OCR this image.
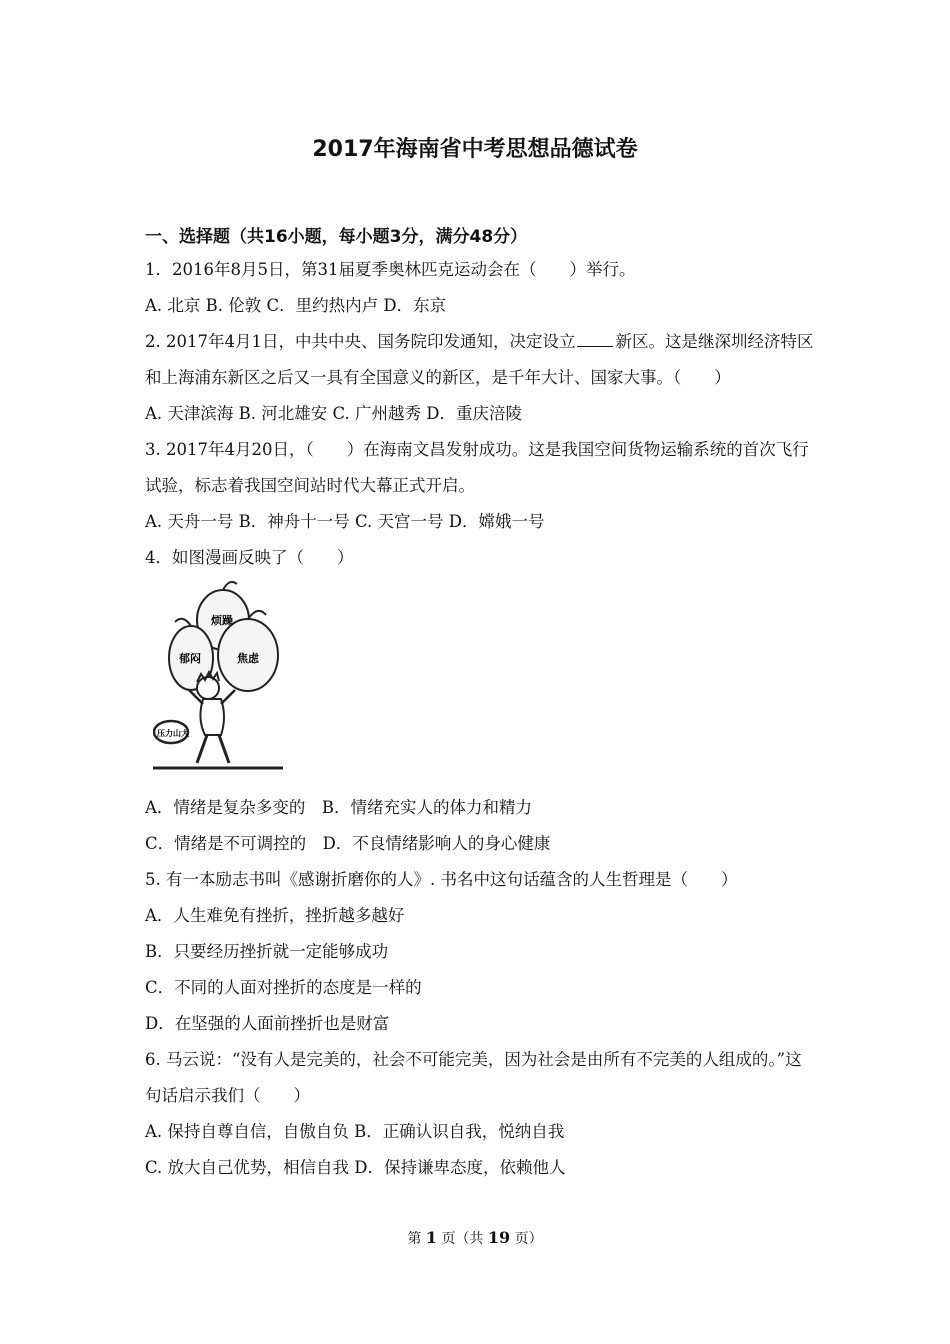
2017年海南省中考思想品德试卷
一、选择题（共16小题，每小题3分，满分48分）
1．2016年8月5日，第31届夏季奥林匹克运动会在（　　）举行。
A. 北京 B. 伦敦 C．里约热内卢 D．东京
2. 2017年4月1日，中共中央、国务院印发通知，决定设立 新区。这是继深圳经济特区和上海浦东新区之后又一具有全国意义的新区，是千年大计、国家大事。（　　）
A. 天津滨海 B. 河北雄安 C. 广州越秀 D．重庆涪陵
3. 2017年4月20日，（　　）在海南文昌发射成功。这是我国空间货物运输系统的首次飞行试验，标志着我国空间站时代大幕正式开启。
A. 天舟一号 B．神舟十一号 C. 天宫一号 D．嫦娥一号
4．如图漫画反映了（　　）
烦躁
焦虑
郁闷
压力山大
A．情绪是复杂多变的　B．情绪充实人的体力和精力
C．情绪是不可调控的　D．不良情绪影响人的身心健康
5. 有一本励志书叫《感谢折磨你的人》. 书名中这句话蕴含的人生哲理是（　　）
A．人生难免有挫折，挫折越多越好
B．只要经历挫折就一定能够成功
C．不同的人面对挫折的态度是一样的
D．在坚强的人面前挫折也是财富
6. 马云说：“没有人是完美的，社会不可能完美，因为社会是由所有不完美的人组成的。”这 句话启示我们（　　）
A. 保持自尊自信，自傲自负 B．正确认识自我，悦纳自我
C. 放大自己优势，相信自我 D．保持谦卑态度，依赖他人
第 1 页（共 19 页）
